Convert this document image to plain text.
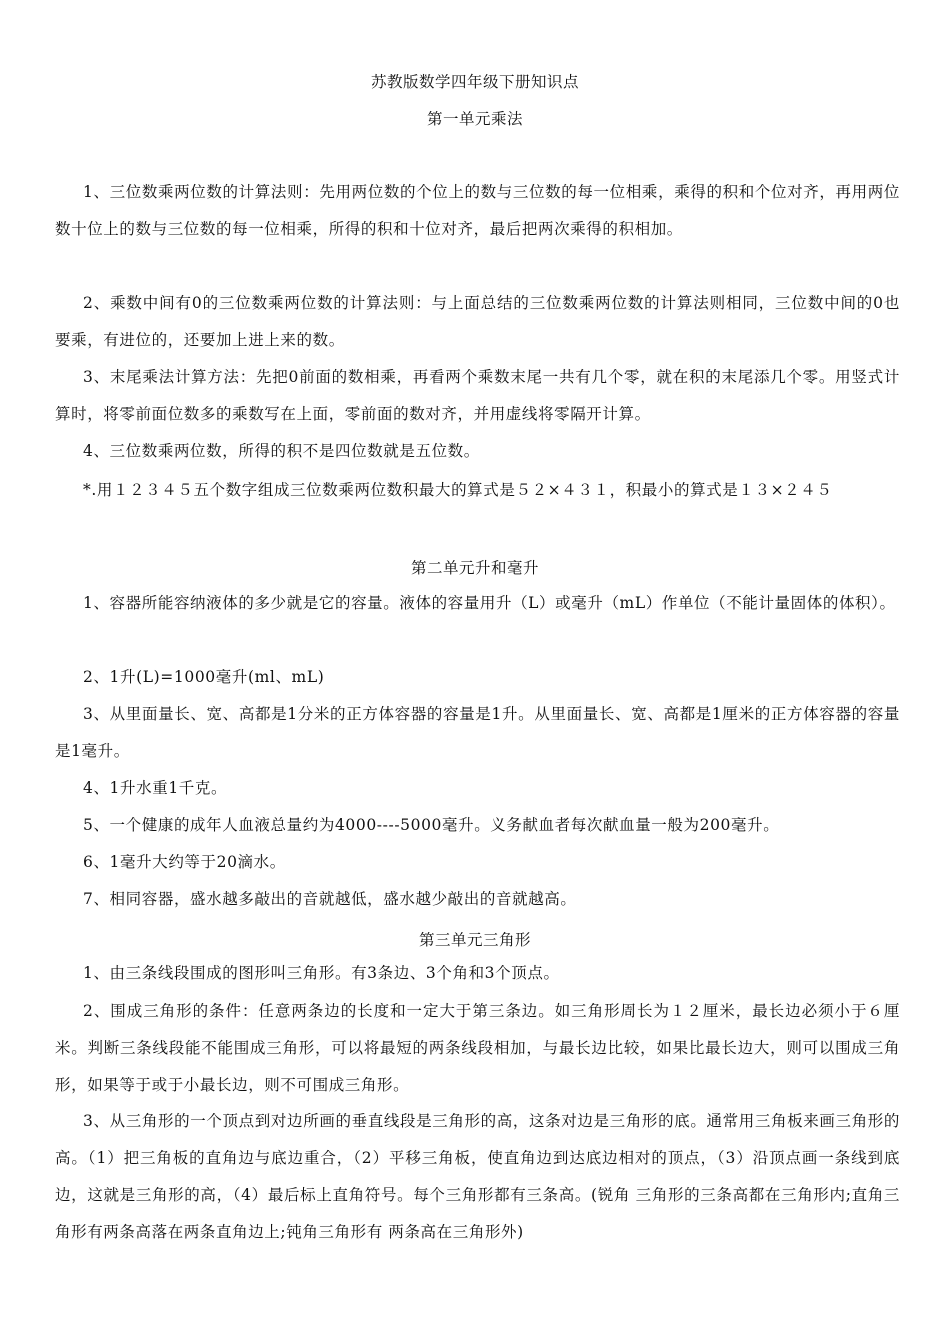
苏教版数学四年级下册知识点
第一单元乘法

1、三位数乘两位数的计算法则：先用两位数的个位上的数与三位数的每一位相乘，乘得的积和个位对齐，再用两位数十位上的数与三位数的每一位相乘，所得的积和十位对齐，最后把两次乘得的积相加。

2、乘数中间有0的三位数乘两位数的计算法则：与上面总结的三位数乘两位数的计算法则相同，三位数中间的0也要乘，有进位的，还要加上进上来的数。

3、末尾乘法计算方法：先把0前面的数相乘，再看两个乘数末尾一共有几个零，就在积的末尾添几个零。用竖式计算时，将零前面位数多的乘数写在上面，零前面的数对齐，并用虚线将零隔开计算。

4、三位数乘两位数，所得的积不是四位数就是五位数。

*.用１２３４５五个数字组成三位数乘两位数积最大的算式是５２×４３１，积最小的算式是１３×２４５

第二单元升和毫升

1、容器所能容纳液体的多少就是它的容量。液体的容量用升（L）或毫升（mL）作单位（不能计量固体的体积）。

2、1升(L)=1000毫升(ml、mL)

3、从里面量长、宽、高都是1分米的正方体容器的容量是1升。从里面量长、宽、高都是1厘米的正方体容器的容量是1毫升。

4、1升水重1千克。

5、一个健康的成年人血液总量约为4000----5000毫升。义务献血者每次献血量一般为200毫升。

6、1毫升大约等于20滴水。

7、相同容器，盛水越多敲出的音就越低，盛水越少敲出的音就越高。

第三单元三角形

1、由三条线段围成的图形叫三角形。有3条边、3个角和3个顶点。

2、围成三角形的条件：任意两条边的长度和一定大于第三条边。如三角形周长为１２厘米，最长边必须小于６厘米。判断三条线段能不能围成三角形，可以将最短的两条线段相加，与最长边比较，如果比最长边大，则可以围成三角形，如果等于或于小最长边，则不可围成三角形。

3、从三角形的一个顶点到对边所画的垂直线段是三角形的高，这条对边是三角形的底。通常用三角板来画三角形的高。（1）把三角板的直角边与底边重合，（2）平移三角板，使直角边到达底边相对的顶点，（3）沿顶点画一条线到底边，这就是三角形的高，（4）最后标上直角符号。每个三角形都有三条高。(锐角 三角形的三条高都在三角形内;直角三角形有两条高落在两条直角边上;钝角三角形有 两条高在三角形外)
